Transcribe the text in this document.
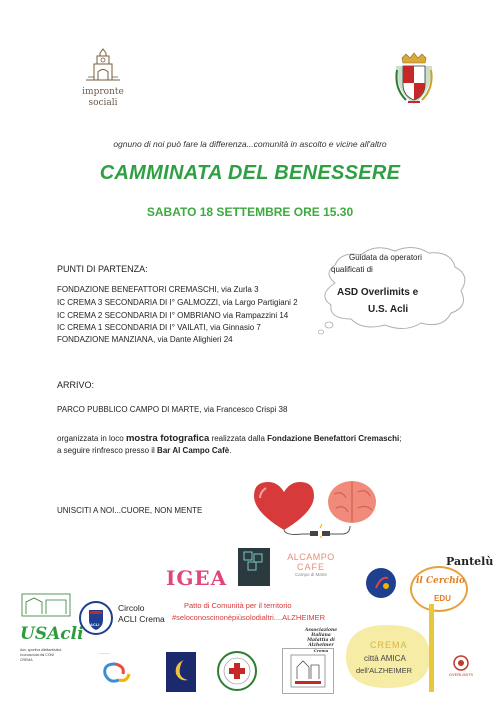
impronte
sociali
ognuno di noi può fare la differenza...comunità in ascolto e vicine all'altro
CAMMINATA DEL BENESSERE
SABATO 18 SETTEMBRE ORE 15.30
Guidata da operatori
qualificati di
ASD Overlimits e
U.S. Acli
PUNTI DI PARTENZA:
FONDAZIONE BENEFATTORI CREMASCHI, via Zurla 3
IC CREMA 3 SECONDARIA DI I° GALMOZZI, via Largo Partigiani 2
IC CREMA 2 SECONDARIA DI I° OMBRIANO via Rampazzini 14
IC CREMA 1 SECONDARIA DI I° VAILATI, via Ginnasio 7
FONDAZIONE MANZIANA, via Dante Alighieri 24
ARRIVO:
PARCO PUBBLICO CAMPO DI MARTE, via Francesco Crispi 38
organizzata in loco mostra fotografica realizzata dalla Fondazione Benefattori Cremaschi;
a seguire rinfresco presso il Bar Al Campo Cafè.
UNISCITI A NOI...CUORE, NON MENTE
IGEA
ALCAMPO
CAFE
Campo di Marte
il Cerchio
EDU
Pantelù
OVERLIMITS
USAcli
Ass. sportiva dilettantistica
riconosciuta dal CONI
CREMA
ACLI
Circolo
ACLI Crema
Patto di Comunità per il territorio
#seloconoscinonèpiùsolodialtri....ALZHEIMER
CREMA
città AMICA
dell'ALZHEIMER
~~~~~~
Associazione
Italiana
Malattia di
Alzheimer
Crema
